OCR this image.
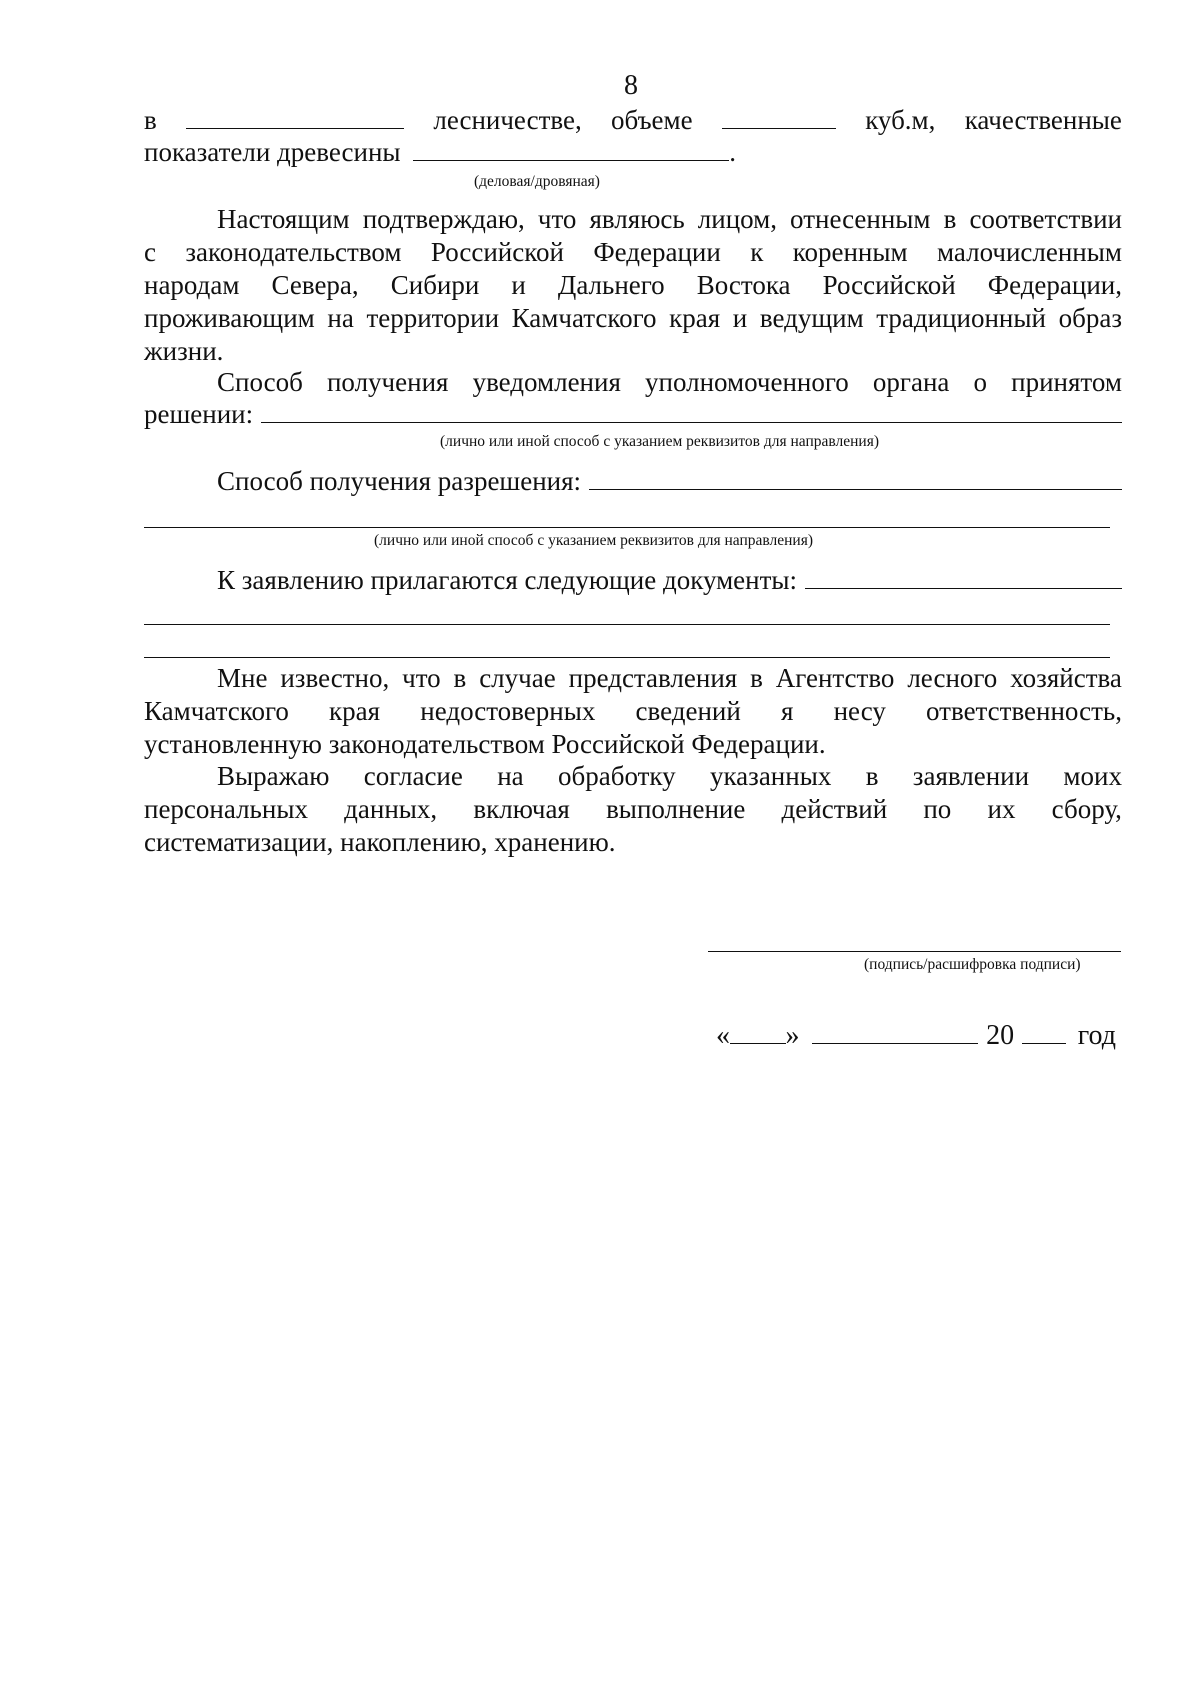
8
в	лесничестве, объеме	куб.м, качественные
показатели древесины	.
(деловая/дровяная)
Настоящим подтверждаю, что являюсь лицом, отнесенным в соответствии
с законодательством Российской Федерации к коренным малочисленным
народам Севера, Сибири и Дальнего Востока Российской Федерации,
проживающим на территории Камчатского края и ведущим традиционный образ
жизни.
Способ получения уведомления уполномоченного органа о принятом
решении:
(лично или иной способ с указанием реквизитов для направления)
Способ получения разрешения:
(лично или иной способ с указанием реквизитов для направления)
К заявлению прилагаются следующие документы:
Мне известно, что в случае представления в Агентство лесного хозяйства
Камчатского края недостоверных сведений я несу ответственность,
установленную законодательством Российской Федерации.
Выражаю согласие на обработку указанных в заявлении моих
персональных данных, включая выполнение действий по их сбору,
систематизации, накоплению, хранению.
(подпись/расшифровка подписи)
« »	20 год
